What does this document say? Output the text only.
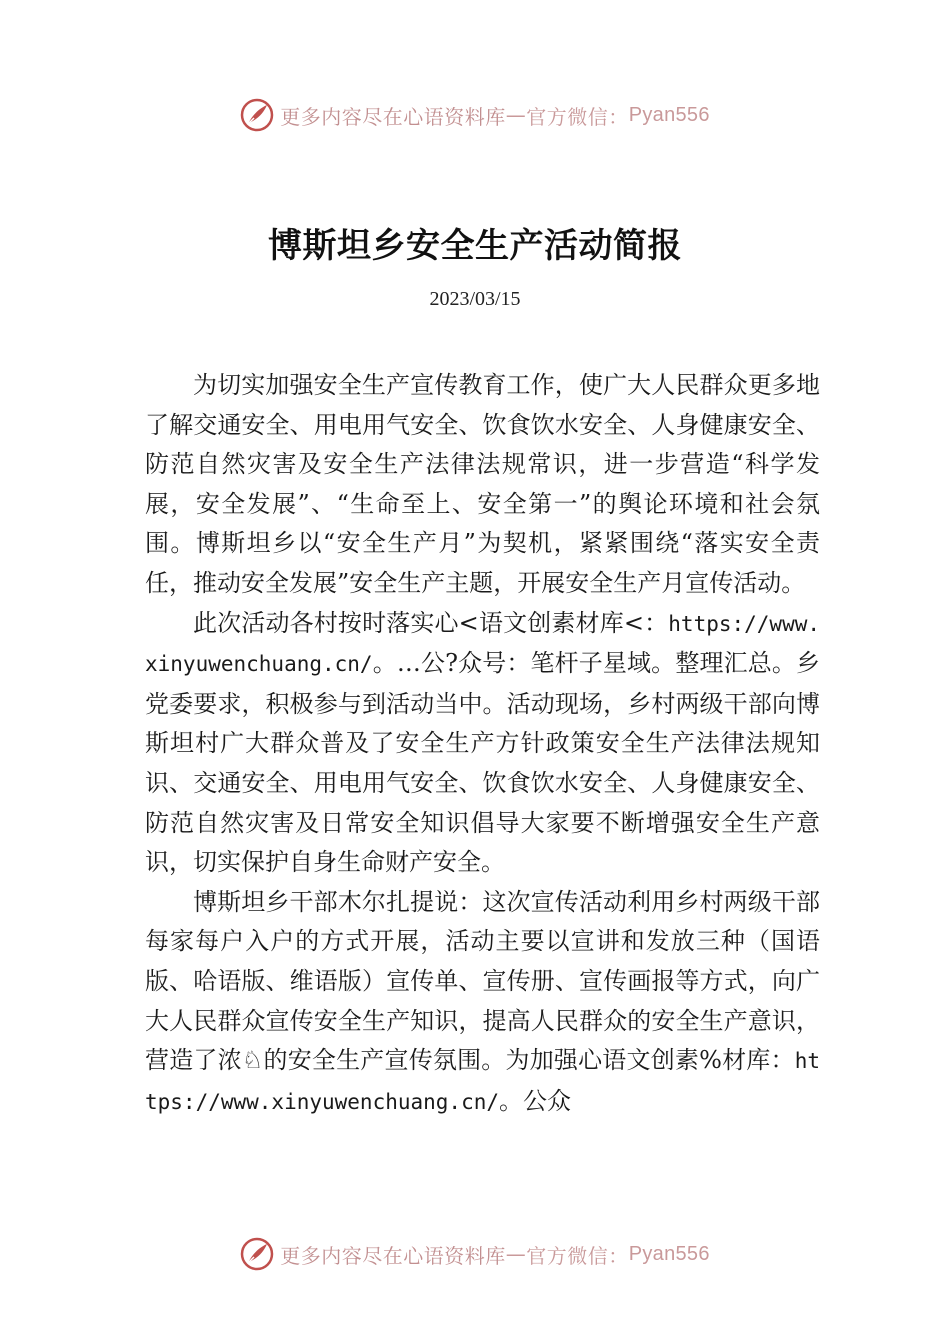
更多内容尽在心语资料库 — 官方微信： Pyan556
博斯坦乡安全生产活动简报
2023/03/15

为切实加强安全生产宣传教育工作，使广大人民群众更多地了解交通安全、用电用气安全、饮食饮水安全、人身健康安全、防范自然灾害及安全生产法律法规常识，进一步营造“科学发展，安全发展”、“生命至上、安全第一”的舆论环境和社会氛围。博斯坦乡以“安全生产月”为契机，紧紧围绕“落实安全责任，推动安全发展”安全生产主题，开展安全生产月宣传活动。

此次活动各村按时落实心<语文创素材库<：https://www.xinyuwenchuang.cn/。…公?众号：笔杆子星域。整理汇总。乡党委要求，积极参与到活动当中。活动现场，乡村两级干部向博斯坦村广大群众普及了安全生产方针政策安全生产法律法规知识、交通安全、用电用气安全、饮食饮水安全、人身健康安全、防范自然灾害及日常安全知识倡导大家要不断增强安全生产意识，切实保护自身生命财产安全。

博斯坦乡干部木尔扎提说：这次宣传活动利用乡村两级干部每家每户入户的方式开展，活动主要以宣讲和发放三种（国语版、哈语版、维语版）宣传单、宣传册、宣传画报等方式，向广大人民群众宣传安全生产知识，提高人民群众的安全生产意识，营造了浓♘的安全生产宣传氛围。为加强心语文创素%材库：https://www.xinyuwenchuang.cn/。公众

更多内容尽在心语资料库 — 官方微信： Pyan556
